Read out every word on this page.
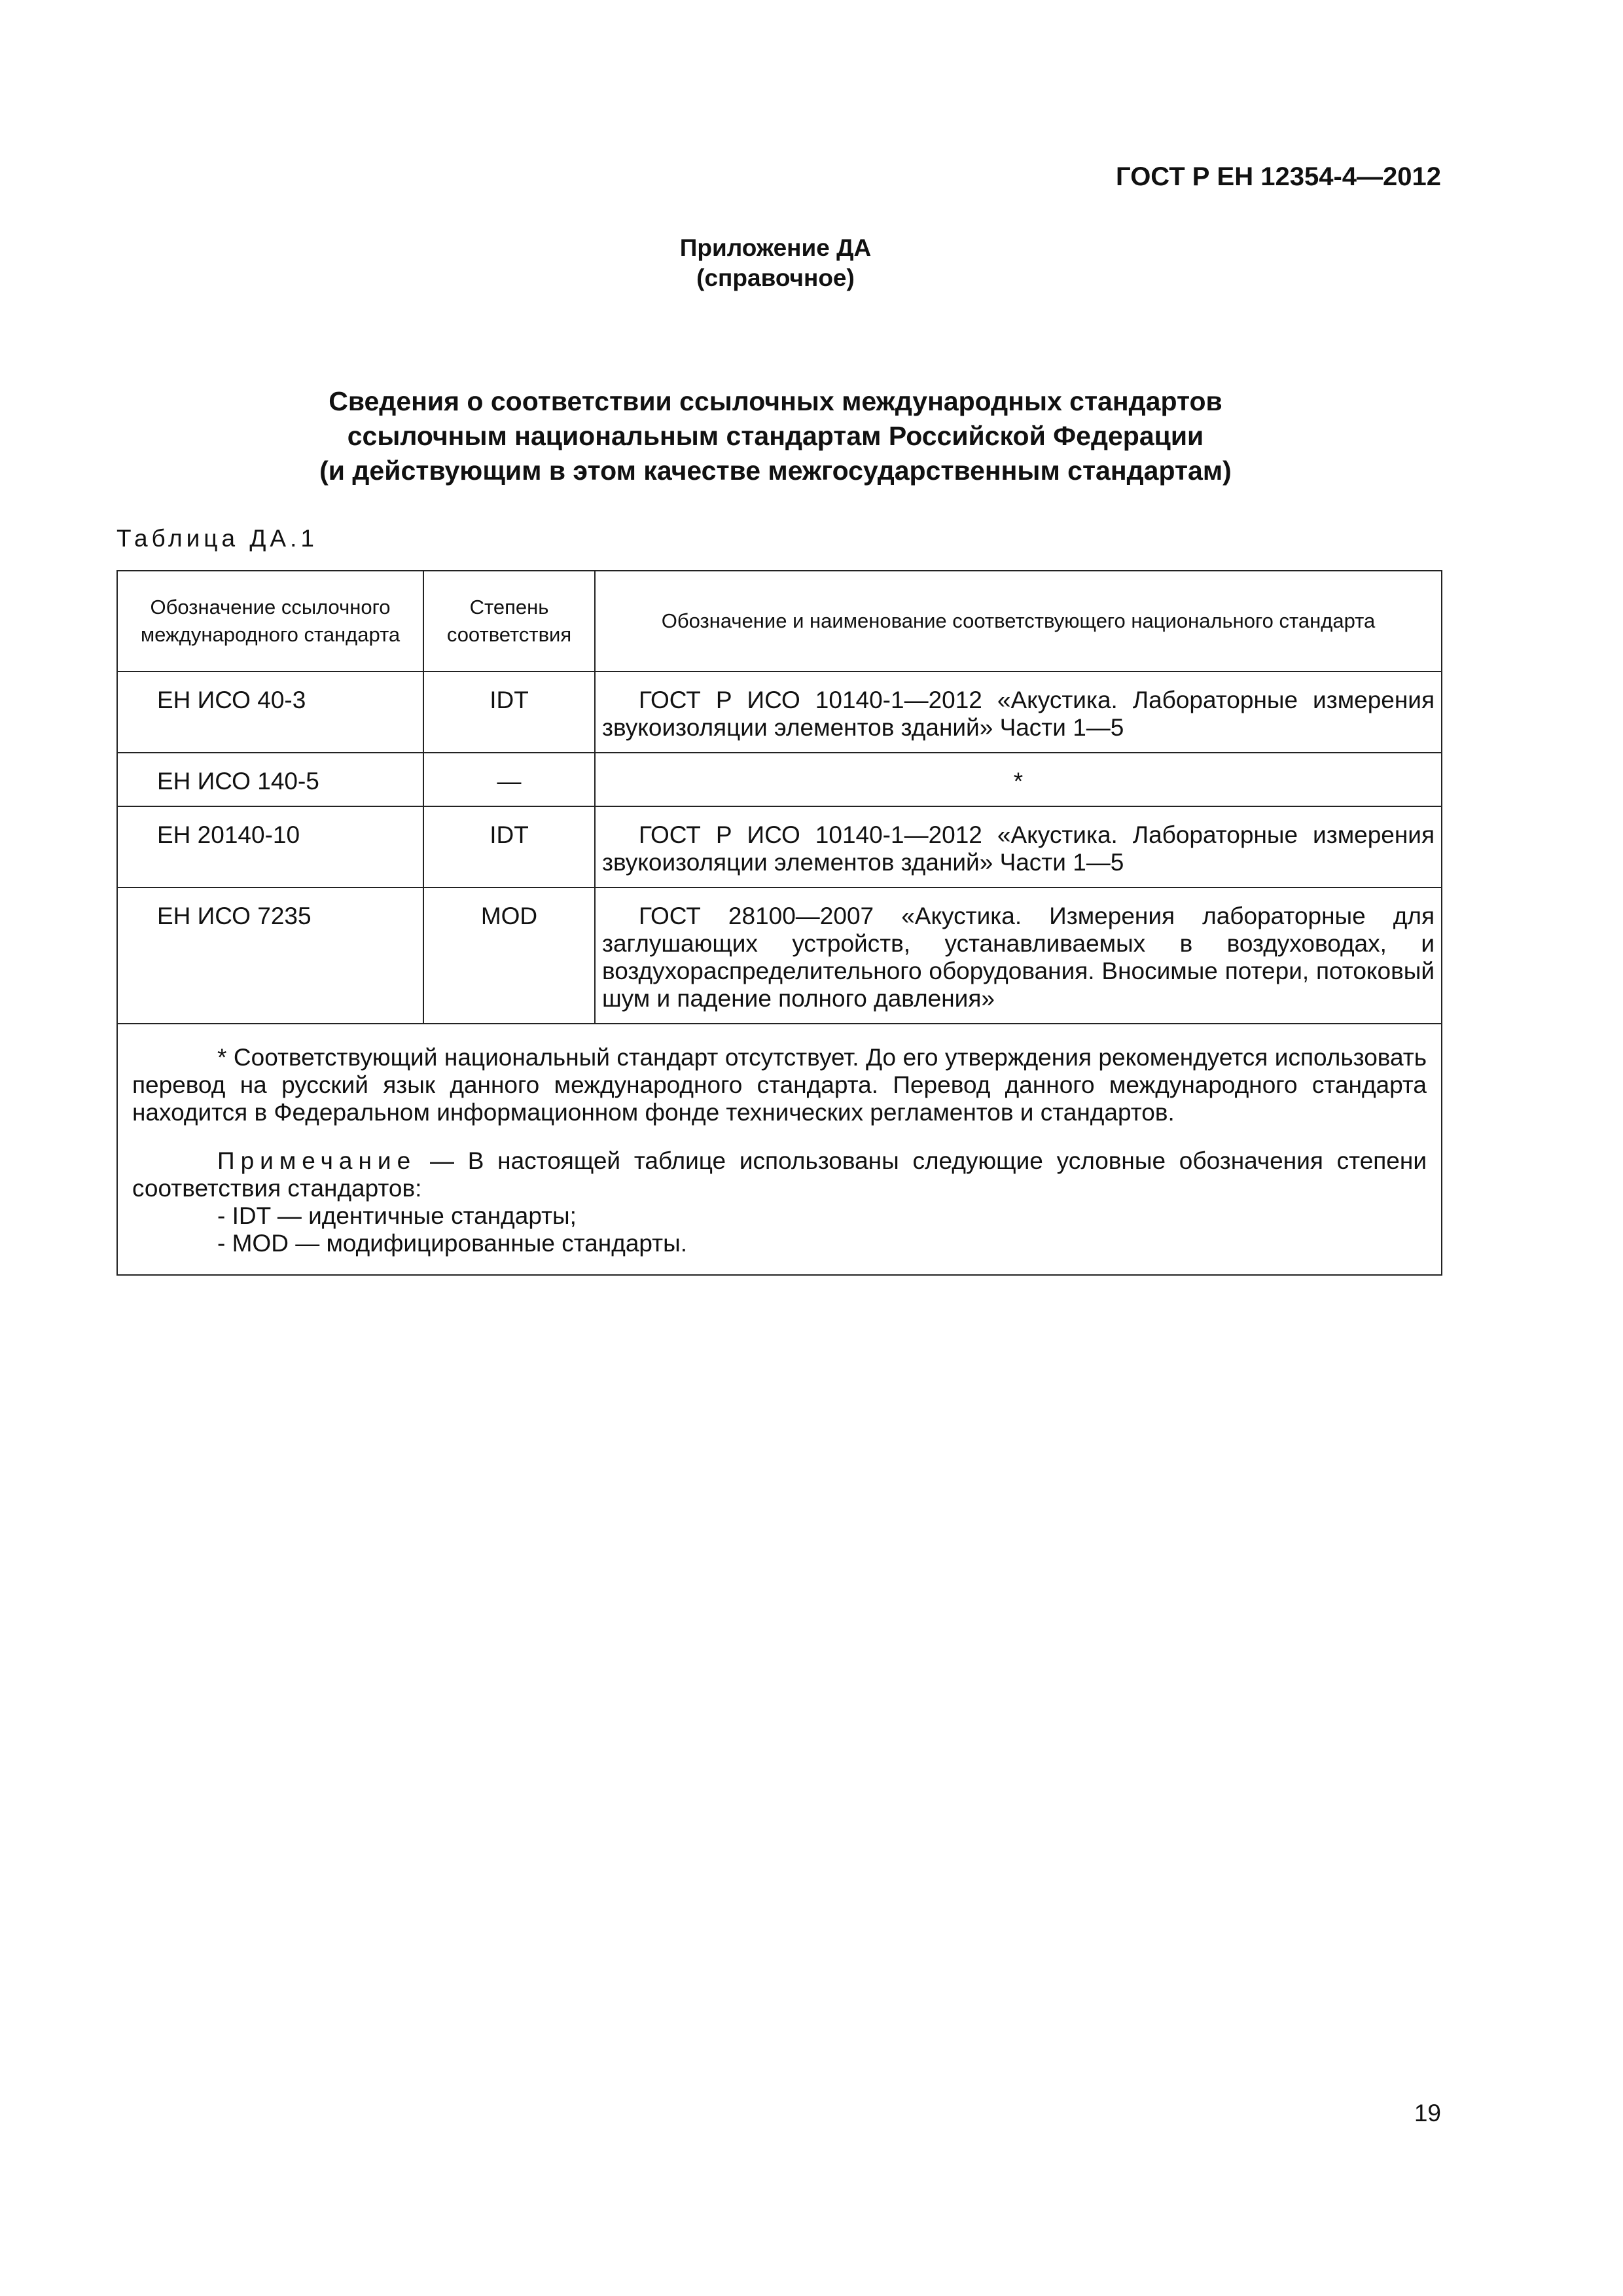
ГОСТ Р ЕН 12354-4—2012
Приложение ДА
(справочное)
Сведения о соответствии ссылочных международных стандартов
ссылочным национальным стандартам Российской Федерации
(и действующим в этом качестве межгосударственным стандартам)
Таблица ДА.1
Обозначение ссылочного международного стандарта	Степень соответствия	Обозначение и наименование соответствующего национального стандарта
ЕН ИСО 40-3	IDT	ГОСТ Р ИСО 10140-1—2012 «Акустика. Лабораторные измерения звукоизоляции элементов зданий» Части 1—5
ЕН ИСО 140-5	—	*
ЕН 20140-10	IDT	ГОСТ Р ИСО 10140-1—2012 «Акустика. Лабораторные измерения звукоизоляции элементов зданий» Части 1—5
ЕН ИСО 7235	MOD	ГОСТ 28100—2007 «Акустика. Измерения лабораторные для заглушающих устройств, устанавливаемых в воздуховодах, и воздухораспределительного оборудования. Вносимые потери, потоковый шум и падение полного давления»

* Соответствующий национальный стандарт отсутствует. До его утверждения рекомендуется использовать перевод на русский язык данного международного стандарта. Перевод данного международного стандарта находится в Федеральном информационном фонде технических регламентов и стандартов.

Примечание — В настоящей таблице использованы следующие условные обозначения степени соответствия стандартов:

- IDT — идентичные стандарты;
- MOD — модифицированные стандарты.		
19
